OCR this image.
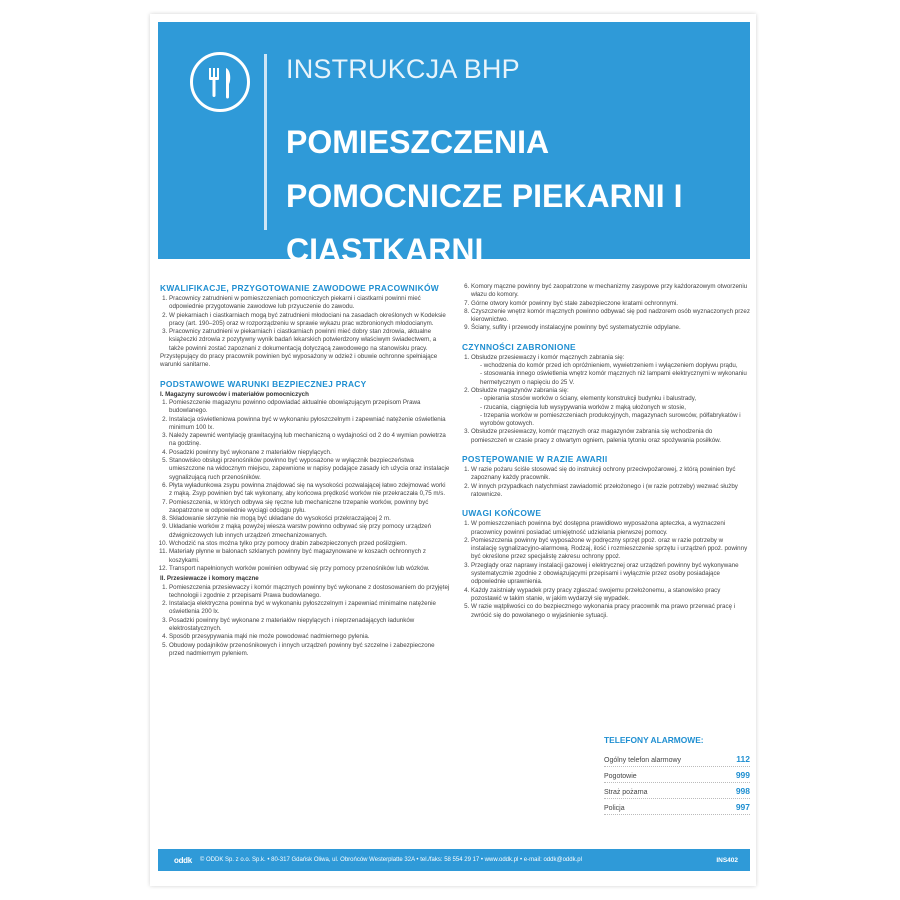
INSTRUKCJA BHP
POMIESZCZENIA POMOCNICZE PIEKARNI I CIASTKARNI
KWALIFIKACJE, PRZYGOTOWANIE ZAWODOWE PRACOWNIKÓW
1. Pracownicy zatrudnieni w pomieszczeniach pomocniczych piekarni i ciastkarni powinni mieć odpowiednie przygotowanie zawodowe lub przyuczenie do zawodu.
2. W piekarniach i ciastkarniach mogą być zatrudnieni młodociani na zasadach określonych w Kodeksie pracy (art. 190–205) oraz w rozporządzeniu w sprawie wykazu prac wzbronionych młodocianym.
3. Pracownicy zatrudnieni w piekarniach i ciastkarniach powinni mieć dobry stan zdrowia, aktualne książeczki zdrowia z pozytywny wynik badań lekarskich potwierdzony właściwym świadectwem, a także powinni zostać zapoznani z dokumentacją dotyczącą zawodowego na stanowisku pracy.
Przystępujący do pracy pracownik powinien być wyposażony w odzież i obuwie ochronne spełniające warunki sanitarne.
PODSTAWOWE WARUNKI BEZPIECZNEJ PRACY
I. Magazyny surowców i materiałów pomocniczych
1. Pomieszczenie magazynu powinno odpowiadać aktualnie obowiązującym przepisom Prawa budowlanego.
2. Instalacja oświetleniowa powinna być w wykonaniu pyłoszczelnym i zapewniać natężenie oświetlenia minimum 100 lx.
3. Należy zapewnić wentylację grawitacyjną lub mechaniczną o wydajności od 2 do 4 wymian powietrza na godzinę.
4. Posadzki powinny być wykonane z materiałów niepylących.
5. Stanowisko obsługi przenośników powinno być wyposażone w wyłącznik bezpieczeństwa umieszczone na widocznym miejscu, zapewnione w napisy podające zasady ich użycia oraz instalacje sygnalizującą ruch przenośników.
6. Płyta wyładunkowa zsypu powinna znajdować się na wysokości pozwalającej łatwo zdejmować worki z mąką. Zsyp powinien być tak wykonany, aby końcowa prędkość worków nie przekraczała 0,75 m/s.
7. Pomieszczenia, w których odbywa się ręczne lub mechaniczne trzepanie worków, powinny być zaopatrzone w odpowiednie wyciągi odciągu pyłu.
8. Składowanie skrzynie nie mogą być układane do wysokości przekraczającej 2 m.
9. Układanie worków z mąką powyżej wiesza warstw powinno odbywać się przy pomocy urządzeń dźwigniczowych lub innych urządzeń zmechanizowanych.
10. Wchodzić na stos można tylko przy pomocy drabin zabezpieczonych przed poślizgiem.
11. Materiały płynne w balonach szklanych powinny być magazynowane w koszach ochronnych z koszykami.
12. Transport napełnionych worków powinien odbywać się przy pomocy przenośników lub wózków.
II. Przesiewacze i komory mączne
1. Pomieszczenia przesiewaczy i komór mącznych powinny być wykonane z dostosowaniem do przyjętej technologii i zgodnie z przepisami Prawa budowlanego.
2. Instalacja elektryczna powinna być w wykonaniu pyłoszczelnym i zapewniać minimalne natężenie oświetlenia 200 lx.
3. Posadzki powinny być wykonane z materiałów niepylących i nieprzenadających ładunków elektrostatycznych.
4. Sposób przesypywania mąki nie może powodować nadmiernego pylenia.
5. Obudowy podajników przenośnikowych i innych urządzeń powinny być szczelne i zabezpieczone przed nadmiernym pyleniem.
6. Komory mączne powinny być zaopatrzone w mechanizmy zasypowe przy każdorazowym otworzeniu włazu do komory.
7. Górne otwory komór powinny być stale zabezpieczone kratami ochronnymi.
8. Czyszczenie wnętrz komór mącznych powinno odbywać się pod nadzorem osób wyznaczonych przez kierownictwo.
9. Ściany, sufity i przewody instalacyjne powinny być systematycznie odpylane.
CZYNNOŚCI ZABRONIONE
1. Obsłudze przesiewaczy i komór mącznych zabrania się:
- wchodzenia do komór przed ich opróżnieniem, wywietrzeniem i wyłączeniem dopływu prądu,
- stosowania innego oświetlenia wnętrz komór mącznych niż lampami elektrycznymi w wykonaniu hermetycznym o napięciu do 25 V.
2. Obsłudze magazynów zabrania się:
- opierania stosów worków o ściany, elementy konstrukcji budynku i balustrady,
- rzucania, ciągnięcia lub wysypywania worków z mąką ułożonych w stosie,
- trzepania worków w pomieszczeniach produkcyjnych, magazynach surowców, półfabrykatów i wyrobów gotowych.
3. Obsłudze przesiewaczy, komór mącznych oraz magazynów zabrania się wchodzenia do pomieszczeń w czasie pracy z otwartym ogniem, palenia tytoniu oraz spożywania posiłków.
POSTĘPOWANIE W RAZIE AWARII
1. W razie pożaru ściśle stosować się do instrukcji ochrony przeciwpożarowej, z którą powinien być zapoznany każdy pracownik.
2. W innych przypadkach natychmiast zawiadomić przełożonego i (w razie potrzeby) wezwać służby ratownicze.
UWAGI KOŃCOWE
1. W pomieszczeniach powinna być dostępna prawidłowo wyposażona apteczka, a wyznaczeni pracownicy powinni posiadać umiejętność udzielania pierwszej pomocy.
2. Pomieszczenia powinny być wyposażone w podręczny sprzęt ppoż. oraz w razie potrzeby w instalację sygnalizacyjno-alarmową. Rodzaj, ilość i rozmieszczenie sprzętu i urządzeń ppoż. powinny być określone przez specjalistę zakresu ochrony ppoż.
3. Przeglądy oraz naprawy instalacji gazowej i elektrycznej oraz urządzeń powinny być wykonywane systematycznie zgodnie z obowiązującymi przepisami i wyłącznie przez osoby posiadające odpowiednie uprawnienia.
4. Każdy zaistniały wypadek przy pracy zgłaszać swojemu przełożonemu, a stanowisko pracy pozostawić w takim stanie, w jakim wydarzył się wypadek.
5. W razie wątpliwości co do bezpiecznego wykonania pracy pracownik ma prawo przerwać pracę i zwrócić się do powołanego o wyjaśnienie sytuacji.
TELEFONY ALARMOWE:
Ogólny telefon alarmowy	112
Pogotowie	999
Straż pożarna	998
Policja	997
oddk © ODDK Sp. z o.o. Sp.k. • 80-317 Gdańsk Oliwa, ul. Obrońców Westerplatte 32A • tel./faks: 58 554 29 17 • www.oddk.pl • e-mail: oddk@oddk.pl	INS402
